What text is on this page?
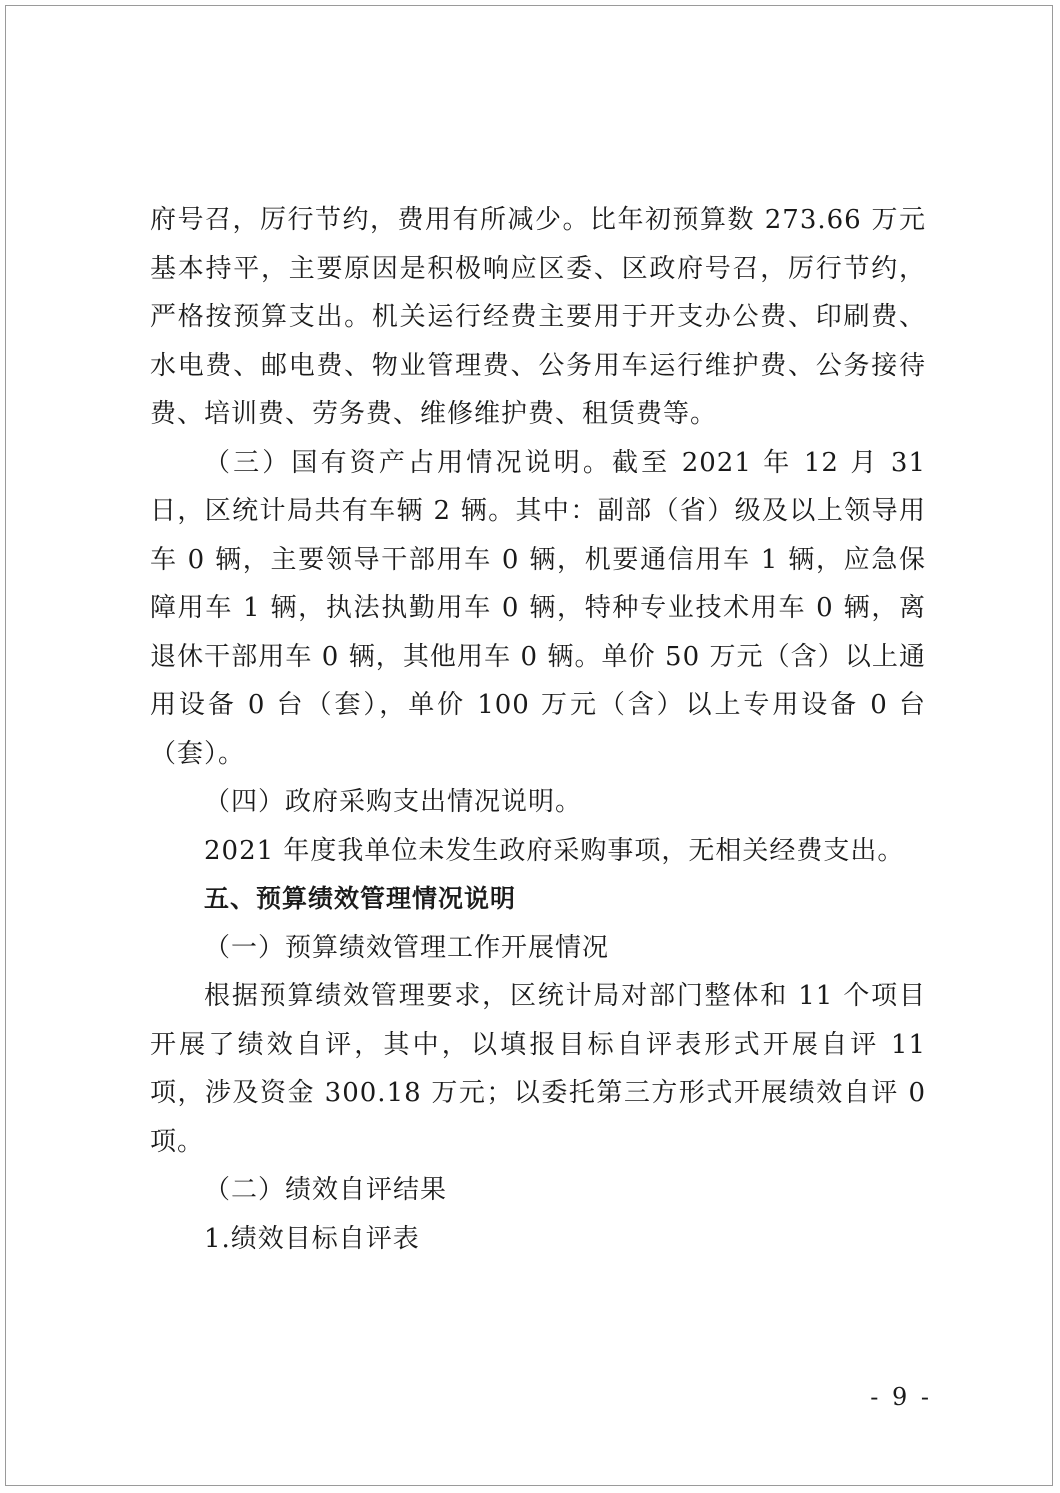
府号召，厉行节约，费用有所减少。比年初预算数 273.66 万元基本持平，主要原因是积极响应区委、区政府号召，厉行节约，严格按预算支出。机关运行经费主要用于开支办公费、印刷费、水电费、邮电费、物业管理费、公务用车运行维护费、公务接待费、培训费、劳务费、维修维护费、租赁费等。

（三）国有资产占用情况说明。截至 2021 年 12 月 31 日，区统计局共有车辆 2 辆。其中：副部（省）级及以上领导用车 0 辆，主要领导干部用车 0 辆，机要通信用车 1 辆，应急保障用车 1 辆，执法执勤用车 0 辆，特种专业技术用车 0 辆，离退休干部用车 0 辆，其他用车 0 辆。单价 50 万元（含）以上通用设备 0 台（套），单价 100 万元（含）以上专用设备 0 台（套）。

（四）政府采购支出情况说明。

2021 年度我单位未发生政府采购事项，无相关经费支出。

五、预算绩效管理情况说明

（一）预算绩效管理工作开展情况

根据预算绩效管理要求，区统计局对部门整体和 11 个项目开展了绩效自评，其中，以填报目标自评表形式开展自评 11 项，涉及资金 300.18 万元；以委托第三方形式开展绩效自评 0 项。

（二）绩效自评结果

1.绩效目标自评表

- 9 -
